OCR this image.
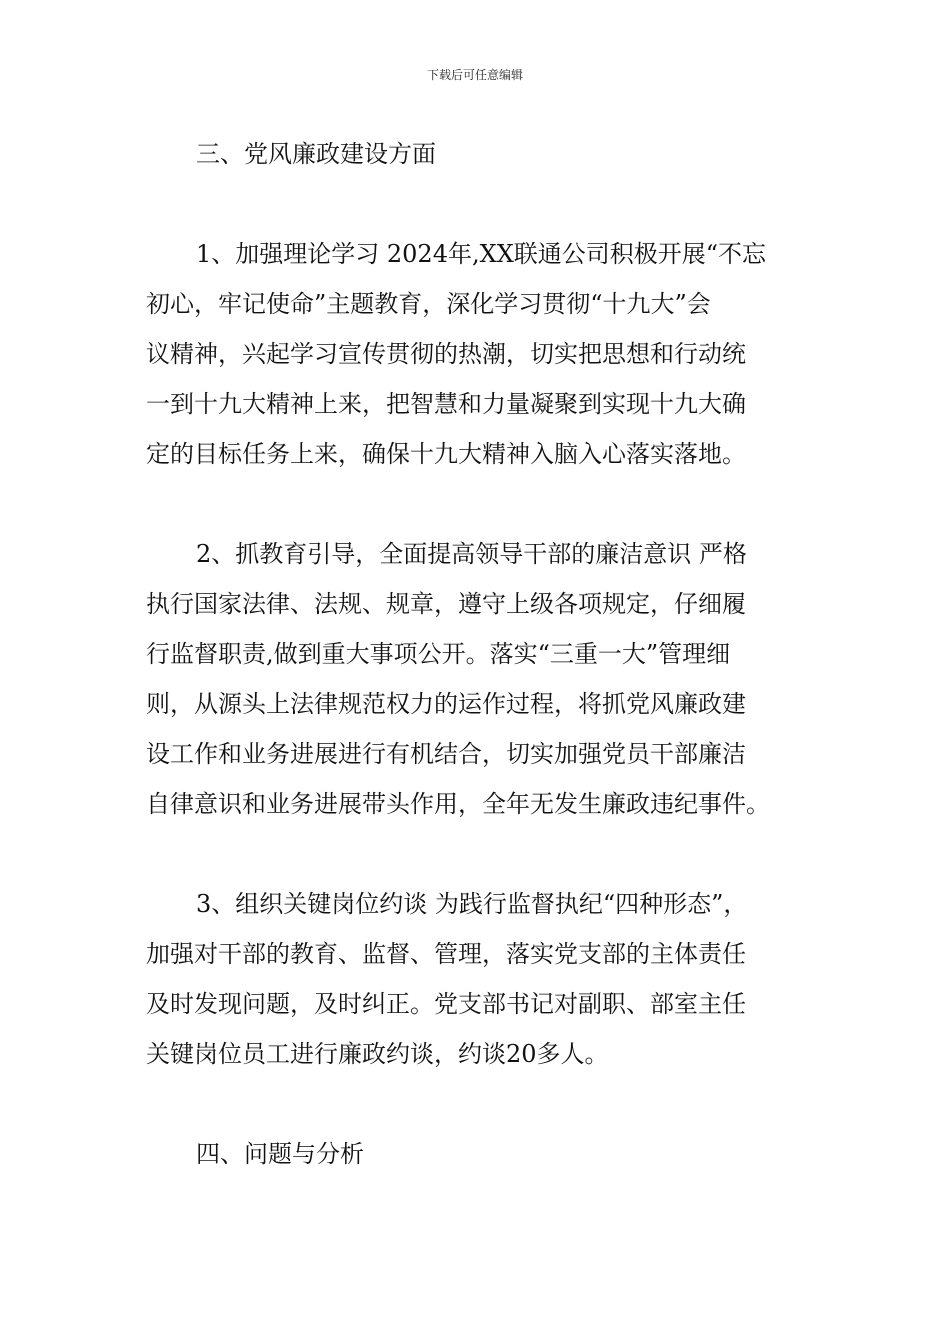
下载后可任意编辑

三、党风廉政建设方面

1、加强理论学习 2024年,XX联通公司积极开展“不忘
初心，牢记使命”主题教育，深化学习贯彻“十九大”会
议精神，兴起学习宣传贯彻的热潮，切实把思想和行动统
一到十九大精神上来，把智慧和力量凝聚到实现十九大确
定的目标任务上来，确保十九大精神入脑入心落实落地。

2、抓教育引导，全面提高领导干部的廉洁意识 严格
执行国家法律、法规、规章，遵守上级各项规定，仔细履
行监督职责,做到重大事项公开。落实“三重一大”管理细
则，从源头上法律规范权力的运作过程，将抓党风廉政建
设工作和业务进展进行有机结合，切实加强党员干部廉洁
自律意识和业务进展带头作用，全年无发生廉政违纪事件。

3、组织关键岗位约谈 为践行监督执纪“四种形态”，
加强对干部的教育、监督、管理，落实党支部的主体责任
及时发现问题，及时纠正。党支部书记对副职、部室主任
关键岗位员工进行廉政约谈，约谈20多人。

四、问题与分析
